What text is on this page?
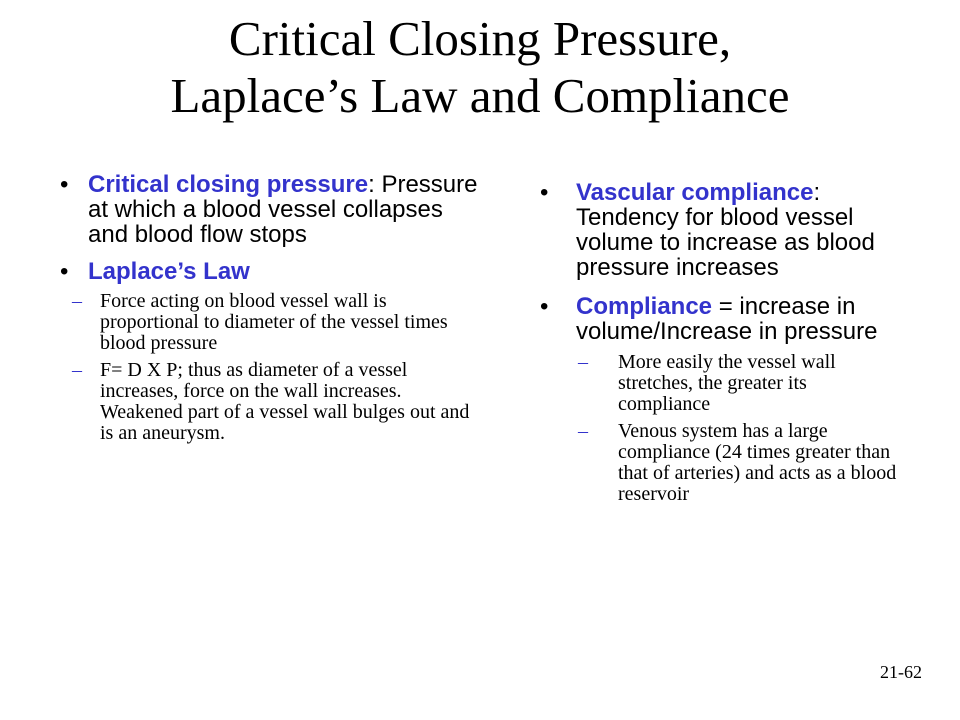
Critical Closing Pressure,
Laplace’s Law and Compliance
• Critical closing pressure: Pressure at which a blood vessel collapses and blood flow stops
• Laplace’s Law
– Force acting on blood vessel wall is proportional to diameter of the vessel times blood pressure
– F= D X P; thus as diameter of a vessel increases, force on the wall increases. Weakened part of a vessel wall bulges out and is an aneurysm.
• Vascular compliance: Tendency for blood vessel volume to increase as blood pressure increases
• Compliance = increase in volume/Increase in pressure
– More easily the vessel wall stretches, the greater its compliance
– Venous system has a large compliance (24 times greater than that of arteries) and acts as a blood reservoir
21-62
